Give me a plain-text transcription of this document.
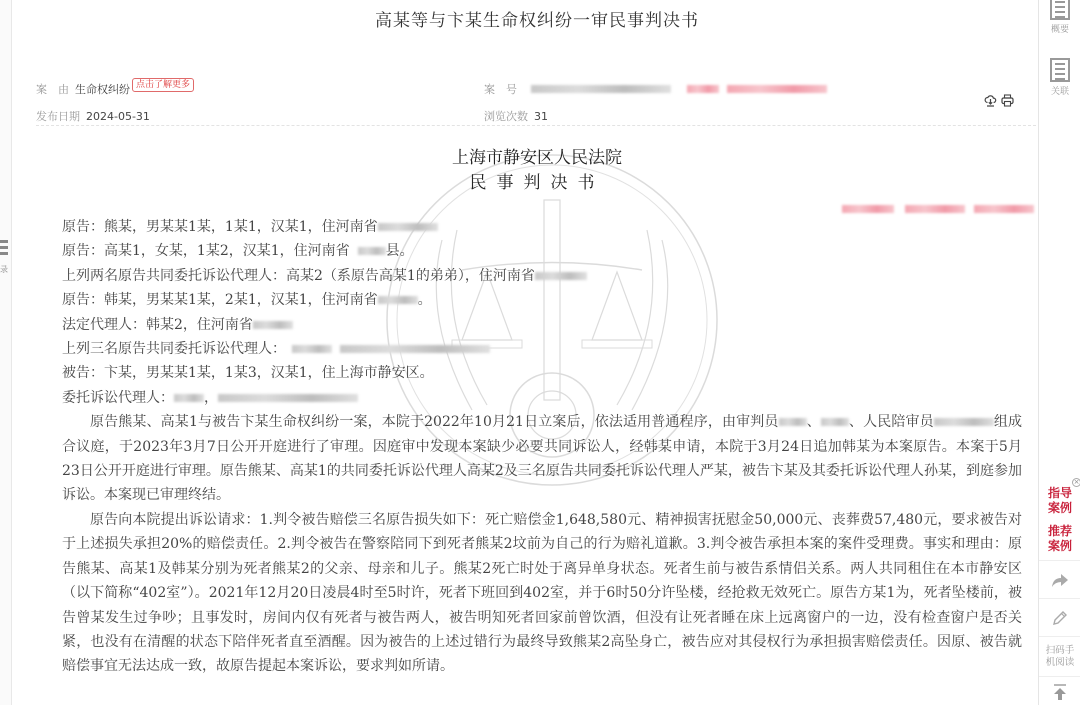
录
高某等与卞某生命权纠纷一审民事判决书
案　由 生命权纠纷 点击了解更多
发布日期 2024-05-31
案　号
浏览次数 31
上海市静安区人民法院
民事判决书

原告：熊某，男某某1某，1某1，汉某1，住河南省

原告：高某1，女某，1某2，汉某1，住河南省	县。

上列两名原告共同委托诉讼代理人：高某2（系原告高某1的弟弟），住河南省

原告：韩某，男某某1某，2某1，汉某1，住河南省	。

法定代理人：韩某2，住河南省

上列三名原告共同委托诉讼代理人：

被告：卞某，男某某1某，1某3，汉某1，住上海市静安区。

委托诉讼代理人： ，

原告熊某、高某1与被告卞某生命权纠纷一案，本院于2022年10月21日立案后，依法适用普通程序，由审判员 、 、人民陪审员	组成合议庭，于2023年3月7日公开开庭进行了审理。因庭审中发现本案缺少必要共同诉讼人，经韩某申请，本院于3月24日追加韩某为本案原告。本案于5月23日公开开庭进行审理。原告熊某、高某1的共同委托诉讼代理人高某2及三名原告共同委托诉讼代理人严某，被告卞某及其委托诉讼代理人孙某，到庭参加诉讼。本案现已审理终结。

原告向本院提出诉讼请求：1.判令被告赔偿三名原告损失如下：死亡赔偿金1,648,580元、精神损害抚慰金50,000元、丧葬费57,480元，要求被告对于上述损失承担20%的赔偿责任。2.判令被告在警察陪同下到死者熊某2坟前为自己的行为赔礼道歉。3.判令被告承担本案的案件受理费。事实和理由：原告熊某、高某1及韩某分别为死者熊某2的父亲、母亲和儿子。熊某2死亡时处于离异单身状态。死者生前与被告系情侣关系。两人共同租住在本市静安区（以下简称“402室”）。2021年12月20日凌晨4时至5时许，死者下班回到402室，并于6时50分许坠楼，经抢救无效死亡。原告方某1为，死者坠楼前，被告曾某发生过争吵；且事发时，房间内仅有死者与被告两人，被告明知死者回家前曾饮酒，但没有让死者睡在床上远离窗户的一边，没有检查窗户是否关紧，也没有在清醒的状态下陪伴死者直至酒醒。因为被告的上述过错行为最终导致熊某2高坠身亡，被告应对其侵权行为承担损害赔偿责任。因原、被告就赔偿事宜无法达成一致，故原告提起本案诉讼，要求判如所请。

概要
关联
指导案例
推荐案例
扫码手机阅读
×
